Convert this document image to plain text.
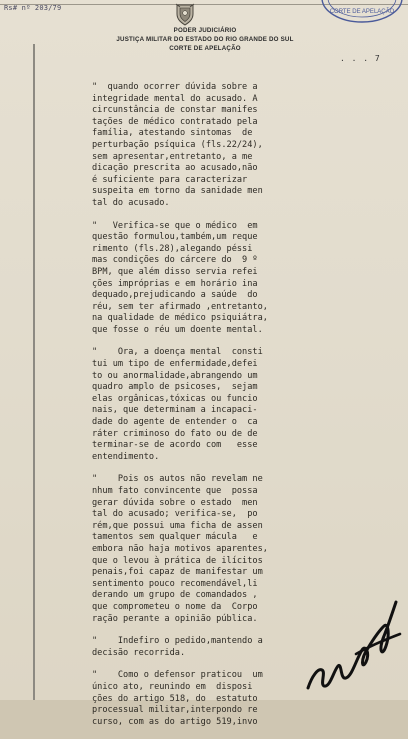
Rs# nº 203/79	CORTE DE APELAÇÃO
PODER JUDICIÁRIO
JUSTIÇA MILITAR DO ESTADO DO RIO GRANDE DO SUL
CORTE DE APELAÇÃO
. . . 7
"  quando ocorrer dúvida sobre a
integridade mental do acusado. A
circunstância de constar manifes
tações de médico contratado pela
família, atestando sintomas  de
perturbação psíquica (fls.22/24),
sem apresentar,entretanto, a me
dicação prescrita ao acusado,não
é suficiente para caracterizar
suspeita em torno da sanidade men
tal do acusado.
"   Verifica-se que o médico  em
questão formulou,também,um reque
rimento (fls.28),alegando péssi
mas condições do cárcere do  9 º
BPM, que além disso servia refei
ções impróprias e em horário ina
dequado,prejudicando a saúde  do
réu, sem ter afirmado ,entretanto,
na qualidade de médico psiquiátra,
que fosse o réu um doente mental.
"    Ora, a doença mental  consti
tui um tipo de enfermidade,defei
to ou anormalidade,abrangendo um
quadro amplo de psicoses,  sejam
elas orgânicas,tóxicas ou funcio
nais, que determinam a incapaci-
dade do agente de entender o  ca
ráter criminoso do fato ou de de
terminar-se de acordo com   esse
entendimento.
"    Pois os autos não revelam ne
nhum fato convincente que  possa
gerar dúvida sobre o estado  men
tal do acusado; verifica-se,  po
rém,que possui uma ficha de assen
tamentos sem qualquer mácula   e
embora não haja motivos aparentes,
que o levou à prática de ilícitos
penais,foi capaz de manifestar um
sentimento pouco recomendável,li
derando um grupo de comandados ,
que comprometeu o nome da  Corpo
ração perante a opinião pública.
"    Indefiro o pedido,mantendo a
decisão recorrida.
"    Como o defensor praticou  um
único ato, reunindo em  disposi
ções do artigo 518, do  estatuto
processual militar,interpondo re
curso, com as do artigo 519,invo
